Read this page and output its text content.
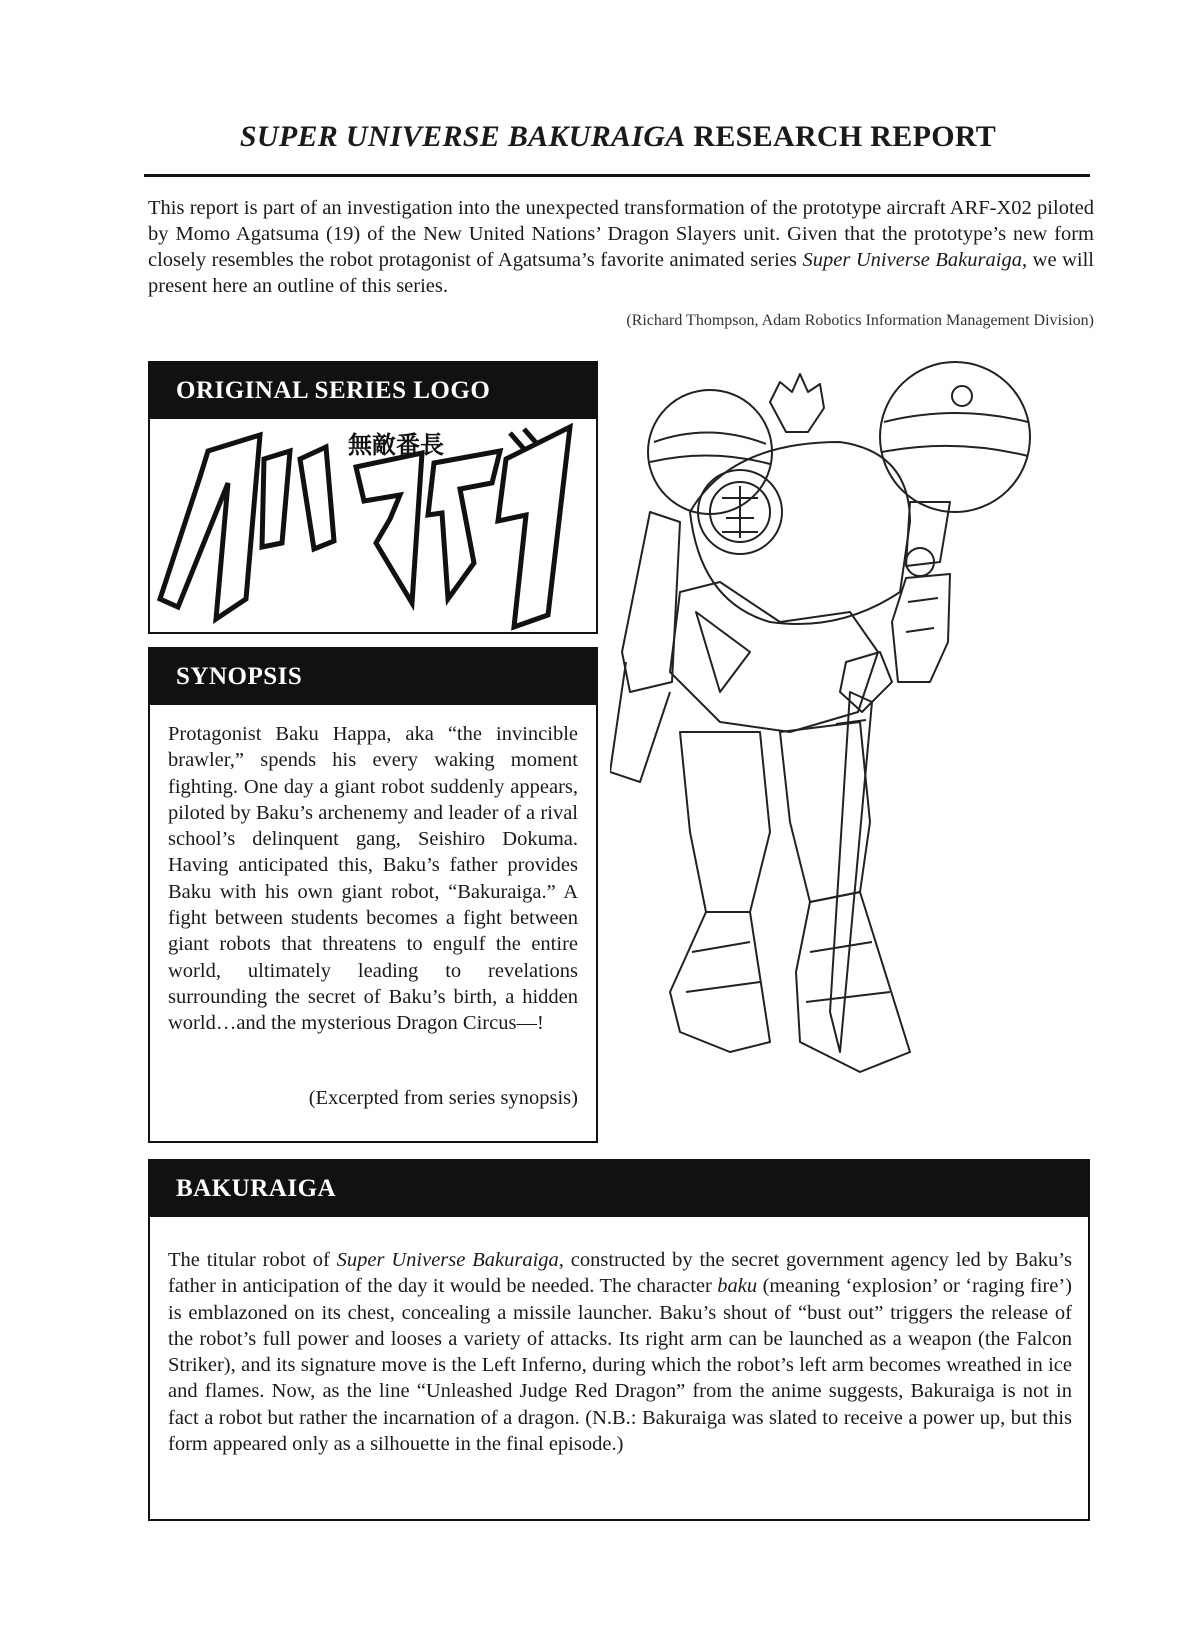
SUPER UNIVERSE BAKURAIGA RESEARCH REPORT
This report is part of an investigation into the unexpected transformation of the prototype aircraft ARF-X02 piloted by Momo Agatsuma (19) of the New United Nations’ Dragon Slayers unit. Given that the prototype’s new form closely resembles the robot protagonist of Agatsuma’s favorite animated series Super Universe Bakuraiga, we will present here an outline of this series.
(Richard Thompson, Adam Robotics Information Management Division)
ORIGINAL SERIES LOGO
無敵番長
SYNOPSIS
Protagonist Baku Happa, aka “the invincible brawler,” spends his every waking moment fighting. One day a giant robot suddenly appears, piloted by Baku’s archenemy and leader of a rival school’s delinquent gang, Seishiro Dokuma. Having anticipated this, Baku’s father provides Baku with his own giant robot, “Bakuraiga.” A fight between students becomes a fight between giant robots that threatens to engulf the entire world, ultimately leading to revelations surrounding the secret of Baku’s birth, a hidden world…and the mysterious Dragon Circus—!
(Excerpted from series synopsis)
BAKURAIGA
The titular robot of Super Universe Bakuraiga, constructed by the secret government agency led by Baku’s father in anticipation of the day it would be needed. The character baku (meaning ‘explosion’ or ‘raging fire’) is emblazoned on its chest, concealing a missile launcher. Baku’s shout of “bust out” triggers the release of the robot’s full power and looses a variety of attacks. Its right arm can be launched as a weapon (the Falcon Striker), and its signature move is the Left Inferno, during which the robot’s left arm becomes wreathed in ice and flames. Now, as the line “Unleashed Judge Red Dragon” from the anime suggests, Bakuraiga is not in fact a robot but rather the incarnation of a dragon. (N.B.: Bakuraiga was slated to receive a power up, but this form appeared only as a silhouette in the final episode.)
